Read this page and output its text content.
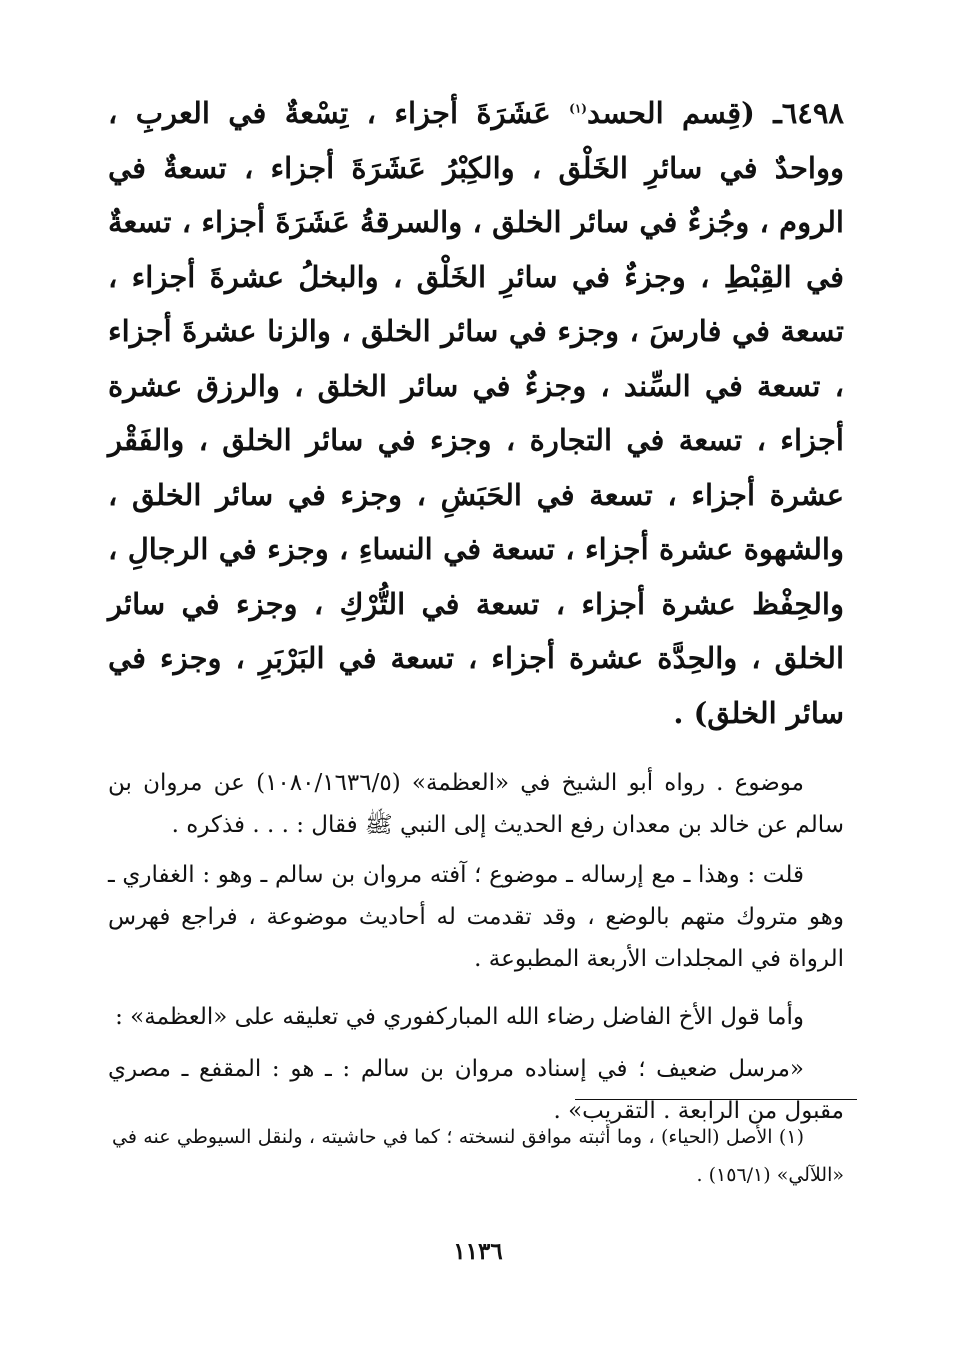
٦٤٩٨ـ (قِسم الحسد$^{(١)}$ عَشَرَةَ أجزاء ، تِسْعةٌ في العربِ ، وواحدٌ في سائرِ الخَلْق ، والكِبْرُ عَشَرَةَ أجزاء ، تسعةٌ في الروم ، وجُزءٌ في سائر الخلق ، والسرقةُ عَشَرَةَ أجزاء ، تسعةٌ في القِبْطِ ، وجزءٌ في سائرِ الخَلْق ، والبخلُ عشرةَ أجزاء ، تسعة في فارسَ ، وجزء في سائر الخلق ، والزنا عشرةَ أجزاء ، تسعة في السِّند ، وجزءٌ في سائر الخلق ، والرزق عشرة أجزاء ، تسعة في التجارة ، وجزء في سائر الخلق ، والفَقْر عشرة أجزاء ، تسعة في الحَبَشِ ، وجزء في سائر الخلق ، والشهوة عشرة أجزاء ، تسعة في النساءِ ، وجزء في الرجالِ ، والحِفْظ عشرة أجزاء ، تسعة في التُّرْكِ ، وجزء في سائر الخلق ، والحِدَّة عشرة أجزاء ، تسعة في البَرْبَرِ ، وجزء في سائر الخلق) .

موضوع . رواه أبو الشيخ في «العظمة» (١٠٨٠/١٦٣٦/٥) عن مروان بن سالم عن خالد بن معدان رفع الحديث إلى النبي ﷺ فقال : . . . فذكره .

قلت : وهذا ـ مع إرساله ـ موضوع ؛ آفته مروان بن سالم ـ وهو : الغفاري ـ وهو متروك متهم بالوضع ، وقد تقدمت له أحاديث موضوعة ، فراجع فهرس الرواة في المجلدات الأربعة المطبوعة .

وأما قول الأخ الفاضل رضاء الله المباركفوري في تعليقه على «العظمة» :

«مرسل ضعيف ؛ في إسناده مروان بن سالم : ـ هو : المقفع ـ مصري مقبول من الرابعة . التقريب» .

(١) الأصل (الحياء) ، وما أثبته موافق لنسخته ؛ كما في حاشيته ، ولنقل السيوطي عنه في «اللآلي» (١٥٦/١) .

١١٣٦
